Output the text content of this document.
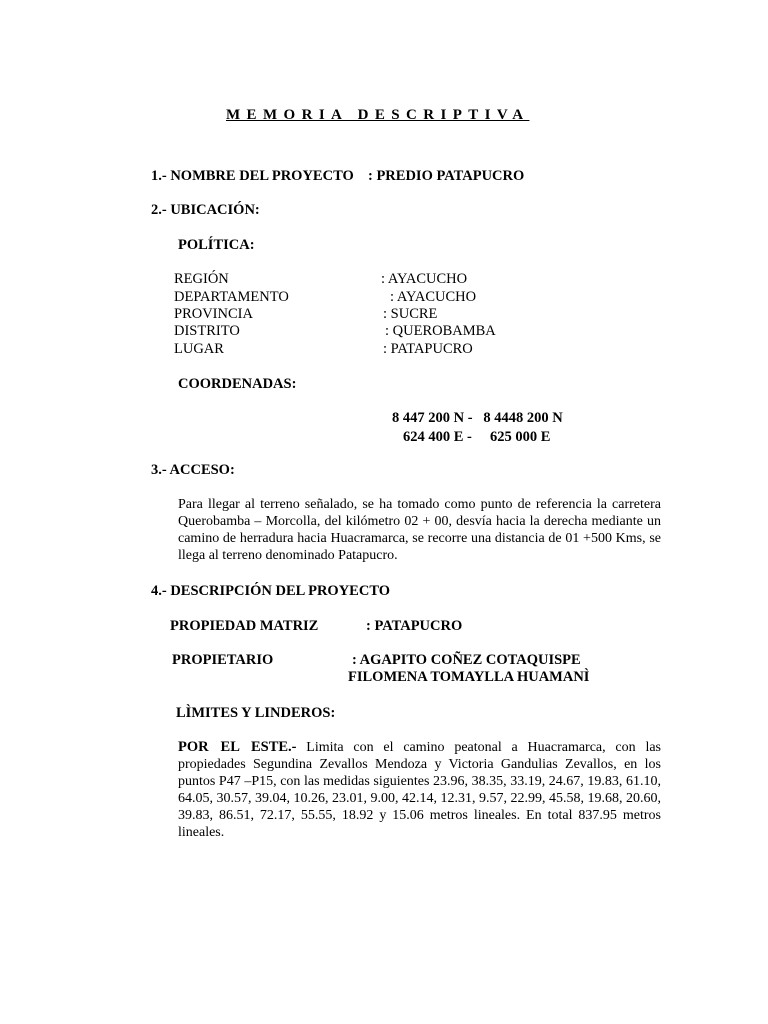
MEMORIA DESCRIPTIVA
1.- NOMBRE DEL PROYECTO : PREDIO PATAPUCRO
2.- UBICACIÓN:
POLÍTICA:
REGIÓN	: AYACUCHO
DEPARTAMENTO	: AYACUCHO
PROVINCIA	: SUCRE
DISTRITO	: QUEROBAMBA
LUGAR	: PATAPUCRO
COORDENADAS:
8 447 200 N -   8 4448 200 N
624 400 E -     625 000 E
3.- ACCESO:
Para llegar al terreno señalado, se ha tomado como punto de referencia la carretera Querobamba – Morcolla, del kilómetro 02 + 00, desvía hacia la derecha mediante un camino de herradura hacia Huacramarca, se recorre una distancia de 01 +500 Kms, se llega al terreno denominado Patapucro.
4.- DESCRIPCIÓN DEL PROYECTO
PROPIEDAD MATRIZ	: PATAPUCRO
PROPIETARIO	: AGAPITO COÑEZ COTAQUISPE
FILOMENA TOMAYLLA HUAMANÌ
LÌMITES Y LINDEROS:
POR EL ESTE.- Limita con el camino peatonal a Huacramarca, con las propiedades Segundina Zevallos Mendoza y Victoria Gandulias Zevallos, en los puntos P47 –P15, con las medidas siguientes 23.96, 38.35, 33.19, 24.67, 19.83, 61.10, 64.05, 30.57, 39.04, 10.26, 23.01, 9.00, 42.14, 12.31, 9.57, 22.99, 45.58, 19.68, 20.60, 39.83, 86.51, 72.17, 55.55, 18.92 y 15.06 metros lineales. En total 837.95 metros lineales.
